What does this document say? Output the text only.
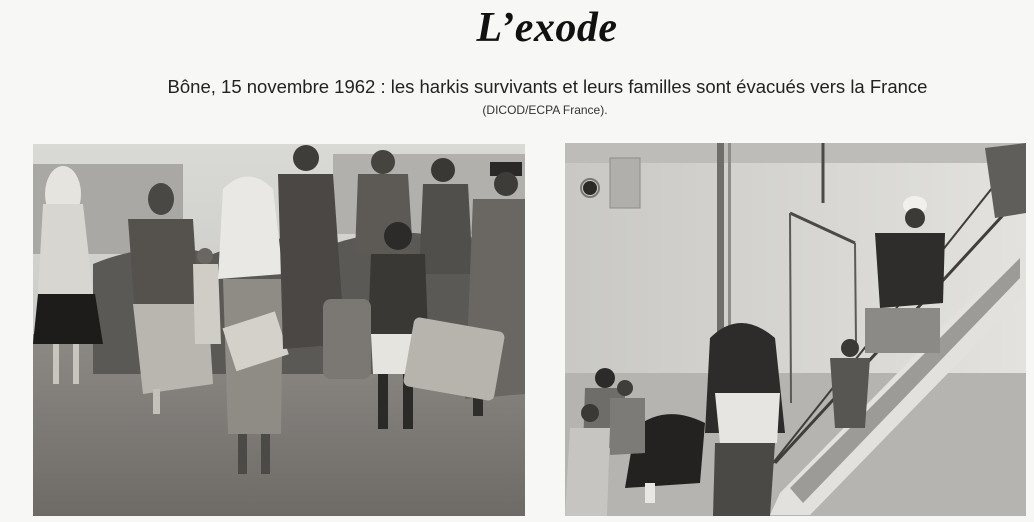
L’exode
Bône, 15 novembre 1962 : les harkis survivants et leurs familles sont évacués vers la France
(DICOD/ECPA France).
